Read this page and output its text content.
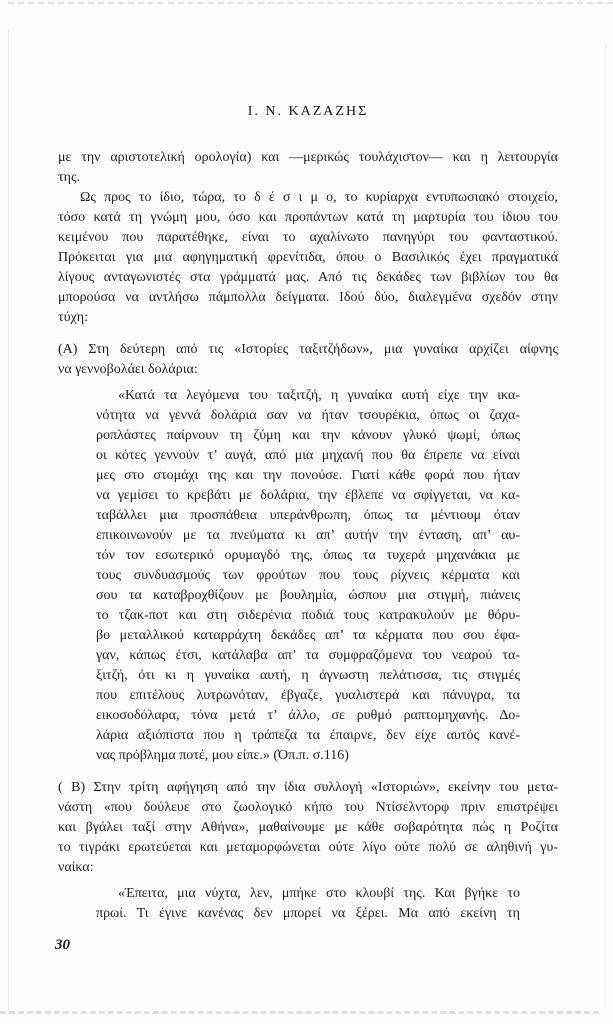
Ι. Ν. ΚΑΖΑΖΗΣ
με την αριστοτελική ορολογία) και —μερικώς τουλάχιστον— και η λειτουργία
της.
Ως προς το ίδιο, τώρα, το δ έ σ ι μ ο, το κυρίαρχα εντυπωσιακό στοιχείο,
τόσο κατά τη γνώμη μου, όσο και προπάντων κατά τη μαρτυρία του ίδιου του
κειμένου που παρατέθηκε, είναι το αχαλίνωτο πανηγύρι του φανταστικού.
Πρόκειται για μια αφηγηματική φρενίτιδα, όπου ο Βασιλικός έχει πραγματικά
λίγους ανταγωνιστές στα γράμματά μας. Από τις δεκάδες των βιβλίων του θα
μπορούσα να αντλήσω πάμπολλα δείγματα. Ιδού δύο, διαλεγμένα σχεδόν στην
τύχη:
(Α) Στη δεύτερη από τις «Ιστορίες ταξιτζήδων», μια γυναίκα αρχίζει αίφνης
να γεννοβολάει δολάρια:
«Κατά τα λεγόμενα του ταξιτζή, η γυναίκα αυτή είχε την ικα-
νότητα να γεννά δολάρια σαν να ήταν τσουρέκια, όπως οι ζαχα-
ροπλάστες παίρνουν τη ζύμη και την κάνουν γλυκό ψωμί, όπως
οι κότες γεννούν τ’ αυγά, από μια μηχανή που θα έπρεπε να είναι
μες στο στομάχι της και την πονούσε. Γιατί κάθε φορά που ήταν
να γεμίσει το κρεβάτι με δολάρια, την έβλεπε να σφίγγεται, να κα-
ταβάλλει μια προσπάθεια υπεράνθρωπη, όπως τα μέντιουμ όταν
επικοινωνούν με τα πνεύματα κι απ’ αυτήν την ένταση, απ’ αυ-
τόν τον εσωτερικό ορυμαγδό της, όπως τα τυχερά μηχανάκια με
τους συνδυασμούς των φρούτων που τους ρίχνεις κέρματα και
σου τα καταβροχθίζουν με βουλημία, ώσπου μια στιγμή, πιάνεις
το τζακ-ποτ και στη σιδερένια ποδιά τους κατρακυλούν με θόρυ-
βο μεταλλικού καταρράχτη δεκάδες απ’ τα κέρματα που σου έφα-
γαν, κάπως έτσι, κατάλαβα απ’ τα συμφραζόμενα του νεαρού τα-
ξιτζή, ότι κι η γυναίκα αυτή, η άγνωστη πελάτισσα, τις στιγμές
που επιτέλους λυτρωνόταν, έβγαζε, γυαλιστερά και πάνυγρα, τα
εικοσοδόλαρα, τόνα μετά τ’ άλλο, σε ρυθμό ραπτομηχανής. Δο-
λάρια αξιόπιστα που η τράπεζα τα έπαιρνε, δεν είχε αυτός κανέ-
νας πρόβλημα ποτέ, μου είπε.» (Όπ.π. σ.116)
( Β) Στην τρίτη αφήγηση από την ίδια συλλογή «Ιστοριών», εκείνην του μετα-
νάστη «που δούλευε στο ζωολογικό κήπο του Ντίσελντορφ πριν επιστρέψει
και βγάλει ταξί στην Αθήνα», μαθαίνουμε με κάθε σοβαρότητα πώς η Ροζίτα
το τιγράκι ερωτεύεται και μεταμορφώνεται ούτε λίγο ούτε πολύ σε αληθινή γυ-
ναίκα:
«Έπειτα, μια νύχτα, λεν, μπήκε στο κλουβί της. Και βγήκε το
πρωί. Τι έγινε κανένας δεν μπορεί να ξέρει. Μα από εκείνη τη
30
